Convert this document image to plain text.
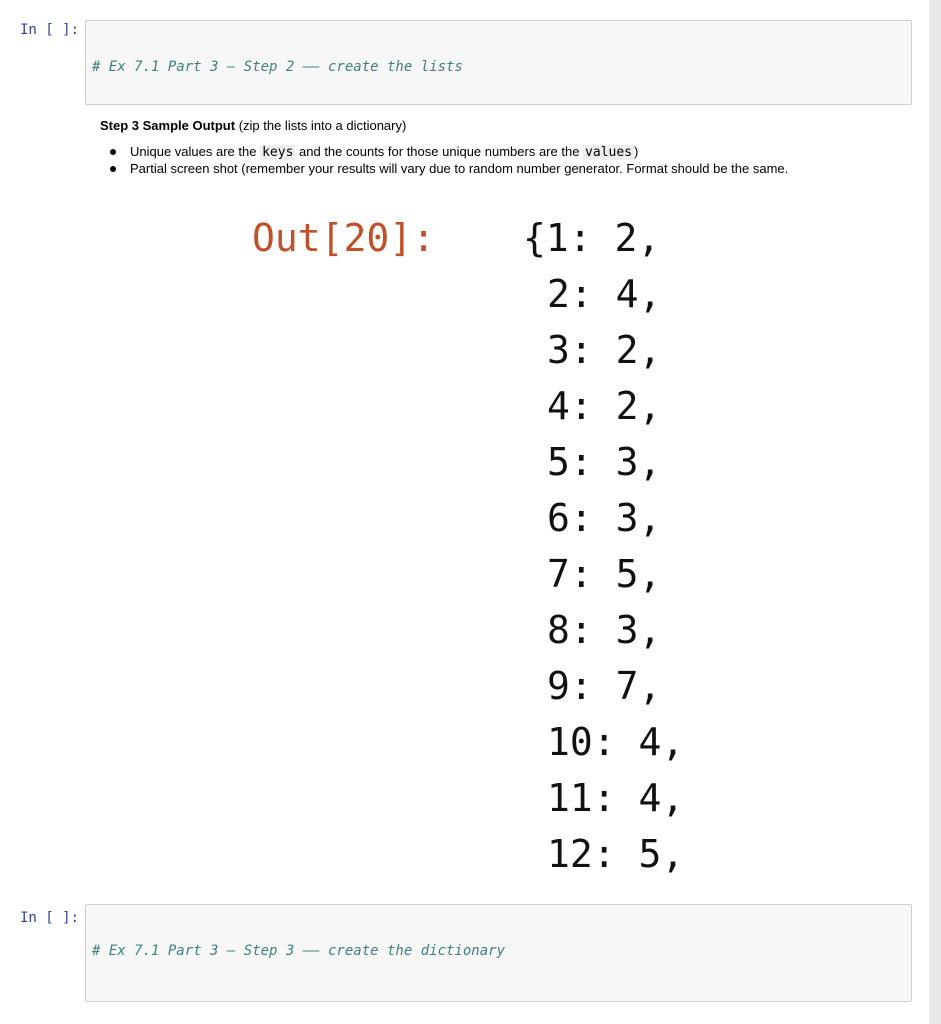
In [ ]:

# Ex 7.1 Part 3 – Step 2 –– create the lists

Step 3 Sample Output (zip the lists into a dictionary)

Unique values are the keys and the counts for those unique numbers are the values )
Partial screen shot (remember your results will vary due to random number generator. Format should be the same.
Out[20]: {1: 2,
2: 4,
3: 2,
4: 2,
5: 3,
6: 3,
7: 5,
8: 3,
9: 7,
10: 4,
11: 4,
12: 5,
In [ ]:

# Ex 7.1 Part 3 – Step 3 –– create the dictionary
